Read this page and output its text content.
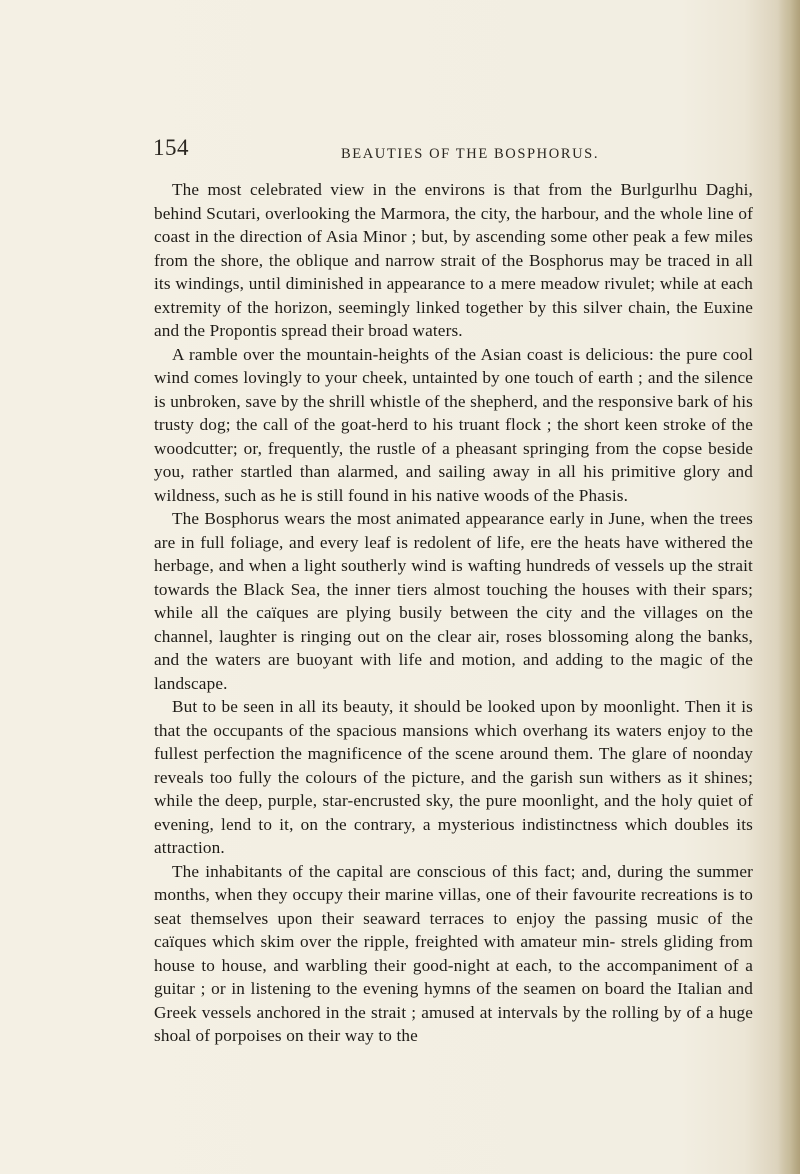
154	BEAUTIES OF THE BOSPHORUS.

The most celebrated view in the environs is that from the Burlgurlhu Daghi, behind Scutari, overlooking the Marmora, the city, the harbour, and the whole line of coast in the direction of Asia Minor ; but, by ascending some other peak a few miles from the shore, the oblique and narrow strait of the Bosphorus may be traced in all its windings, until diminished in appearance to a mere meadow rivulet; while at each extremity of the horizon, seemingly linked together by this silver chain, the Euxine and the Propontis spread their broad waters.

A ramble over the mountain-heights of the Asian coast is delicious: the pure cool wind comes lovingly to your cheek, untainted by one touch of earth ; and the silence is unbroken, save by the shrill whistle of the shepherd, and the responsive bark of his trusty dog; the call of the goat-herd to his truant flock ; the short keen stroke of the woodcutter; or, frequently, the rustle of a pheasant springing from the copse beside you, rather startled than alarmed, and sailing away in all his primitive glory and wildness, such as he is still found in his native woods of the Phasis.

The Bosphorus wears the most animated appearance early in June, when the trees are in full foliage, and every leaf is redolent of life, ere the heats have withered the herbage, and when a light southerly wind is wafting hundreds of vessels up the strait towards the Black Sea, the inner tiers almost touching the houses with their spars; while all the caïques are plying busily between the city and the villages on the channel, laughter is ringing out on the clear air, roses blossoming along the banks, and the waters are buoyant with life and motion, and adding to the magic of the landscape.

But to be seen in all its beauty, it should be looked upon by moonlight. Then it is that the occupants of the spacious mansions which overhang its waters enjoy to the fullest perfection the magnificence of the scene around them. The glare of noonday reveals too fully the colours of the picture, and the garish sun withers as it shines; while the deep, purple, star-encrusted sky, the pure moonlight, and the holy quiet of evening, lend to it, on the contrary, a mysterious indistinctness which doubles its attraction.

The inhabitants of the capital are conscious of this fact; and, during the summer months, when they occupy their marine villas, one of their favourite recreations is to seat themselves upon their seaward terraces to enjoy the passing music of the caïques which skim over the ripple, freighted with amateur min- strels gliding from house to house, and warbling their good-night at each, to the accompaniment of a guitar ; or in listening to the evening hymns of the seamen on board the Italian and Greek vessels anchored in the strait ; amused at intervals by the rolling by of a huge shoal of porpoises on their way to the
